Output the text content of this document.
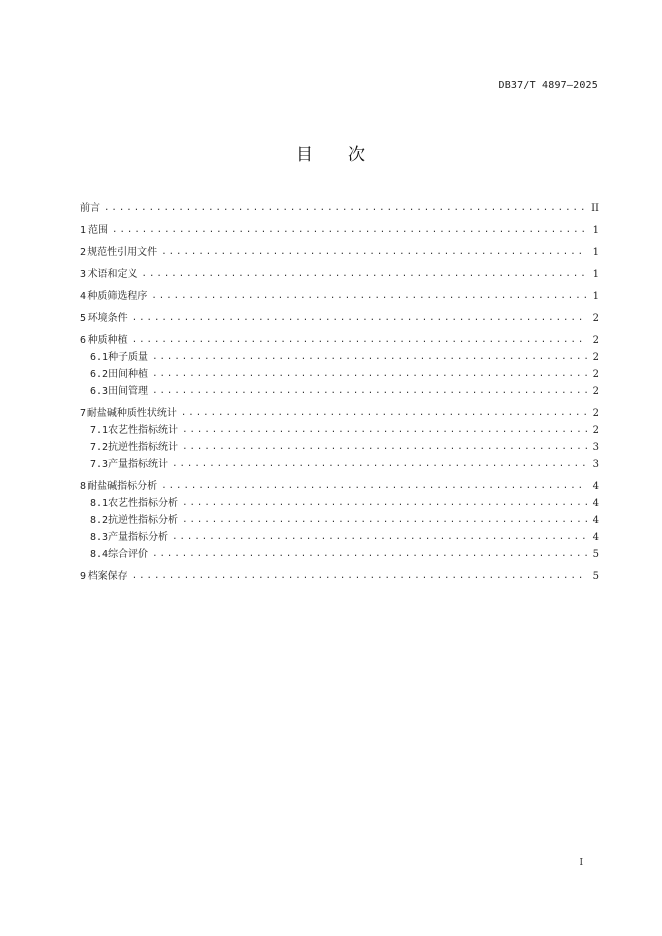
DB37/T 4897—2025
目 次
前言 . . .	II
1 范围 . . .	1
2 规范性引用文件 . . .	1
3 术语和定义 . . .	1
4 种质筛选程序 . . .	1
5 环境条件 . . .	2
6 种质种植 . . .	2
6.1 种子质量 . . .	2
6.2 田间种植 . . .	2
6.3 田间管理 . . .	2
7 耐盐碱种质性状统计 . . .	2
7.1 农艺性指标统计 . . .	2
7.2 抗逆性指标统计 . . .	3
7.3 产量指标统计 . . .	3
8 耐盐碱指标分析 . . .	4
8.1 农艺性指标分析 . . .	4
8.2 抗逆性指标分析 . . .	4
8.3 产量指标分析 . . .	4
8.4 综合评价 . . .	5
9 档案保存 . . .	5
I
